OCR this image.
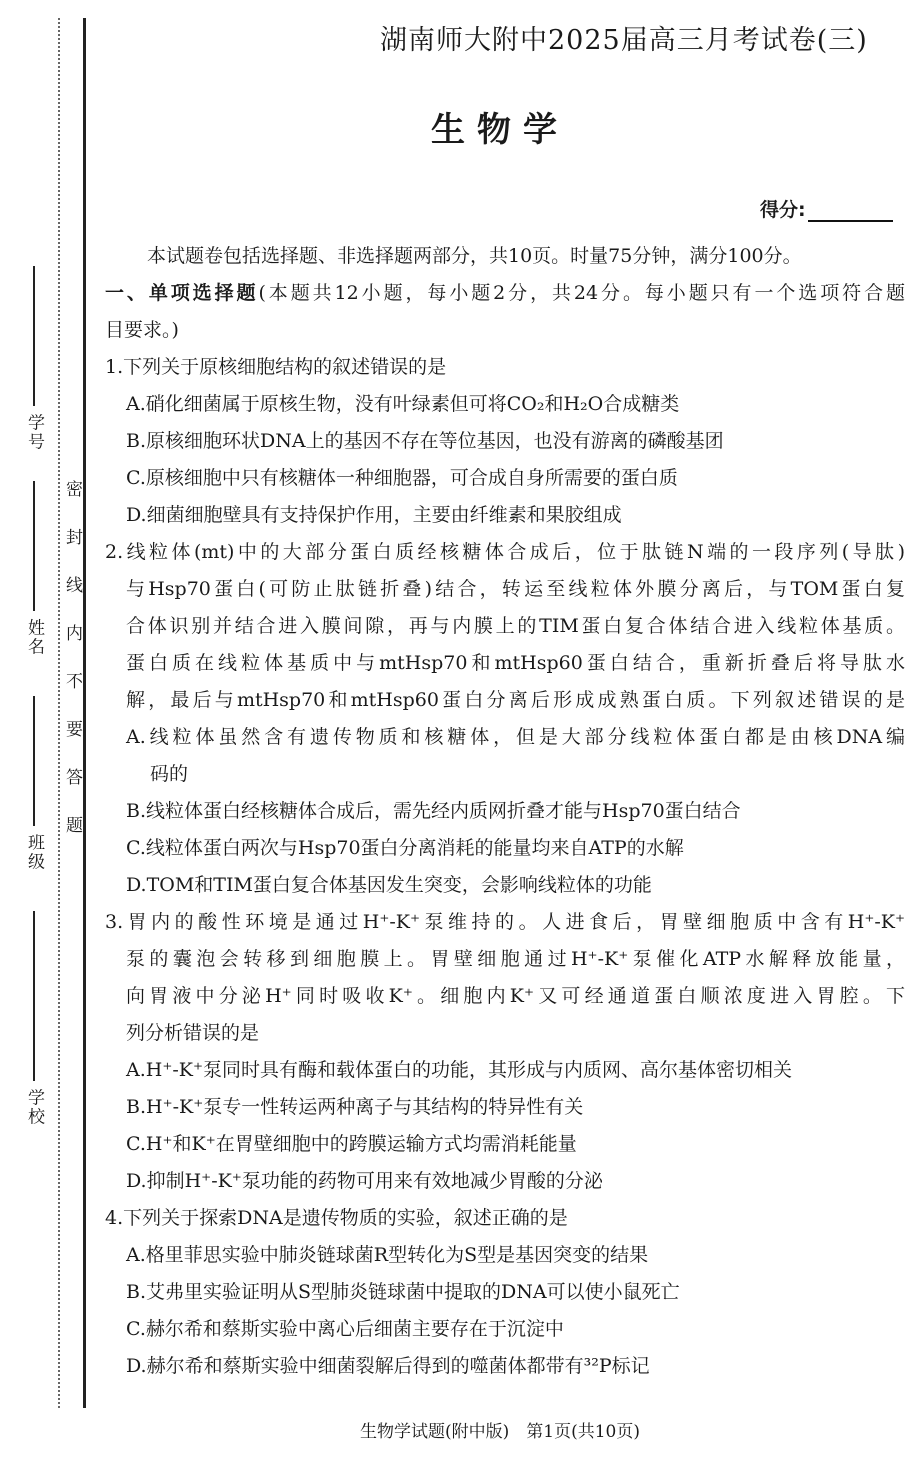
学号
姓名
班级
学校
密封线内不要答题
湖南师大附中2025届高三月考试卷(三)
生物学
得分:
本试题卷包括选择题、非选择题两部分，共10页。时量75分钟，满分100分。
一、单项选择题(本题共12小题，每小题2分，共24分。每小题只有一个选项符合题
目要求。)
1.下列关于原核细胞结构的叙述错误的是
A.硝化细菌属于原核生物，没有叶绿素但可将CO₂和H₂O合成糖类
B.原核细胞环状DNA上的基因不存在等位基因，也没有游离的磷酸基团
C.原核细胞中只有核糖体一种细胞器，可合成自身所需要的蛋白质
D.细菌细胞壁具有支持保护作用，主要由纤维素和果胶组成
2.线粒体(mt)中的大部分蛋白质经核糖体合成后，位于肽链N端的一段序列(导肽)
与Hsp70蛋白(可防止肽链折叠)结合，转运至线粒体外膜分离后，与TOM蛋白复
合体识别并结合进入膜间隙，再与内膜上的TIM蛋白复合体结合进入线粒体基质。
蛋白质在线粒体基质中与mtHsp70和mtHsp60蛋白结合，重新折叠后将导肽水
解，最后与mtHsp70和mtHsp60蛋白分离后形成成熟蛋白质。下列叙述错误的是
A.线粒体虽然含有遗传物质和核糖体，但是大部分线粒体蛋白都是由核DNA编
码的
B.线粒体蛋白经核糖体合成后，需先经内质网折叠才能与Hsp70蛋白结合
C.线粒体蛋白两次与Hsp70蛋白分离消耗的能量均来自ATP的水解
D.TOM和TIM蛋白复合体基因发生突变，会影响线粒体的功能
3.胃内的酸性环境是通过H⁺-K⁺泵维持的。人进食后，胃壁细胞质中含有H⁺-K⁺
泵的囊泡会转移到细胞膜上。胃壁细胞通过H⁺-K⁺泵催化ATP水解释放能量，
向胃液中分泌H⁺同时吸收K⁺。细胞内K⁺又可经通道蛋白顺浓度进入胃腔。下
列分析错误的是
A.H⁺-K⁺泵同时具有酶和载体蛋白的功能，其形成与内质网、高尔基体密切相关
B.H⁺-K⁺泵专一性转运两种离子与其结构的特异性有关
C.H⁺和K⁺在胃壁细胞中的跨膜运输方式均需消耗能量
D.抑制H⁺-K⁺泵功能的药物可用来有效地减少胃酸的分泌
4.下列关于探索DNA是遗传物质的实验，叙述正确的是
A.格里菲思实验中肺炎链球菌R型转化为S型是基因突变的结果
B.艾弗里实验证明从S型肺炎链球菌中提取的DNA可以使小鼠死亡
C.赫尔希和蔡斯实验中离心后细菌主要存在于沉淀中
D.赫尔希和蔡斯实验中细菌裂解后得到的噬菌体都带有³²P标记
生物学试题(附中版)　第1页(共10页)
